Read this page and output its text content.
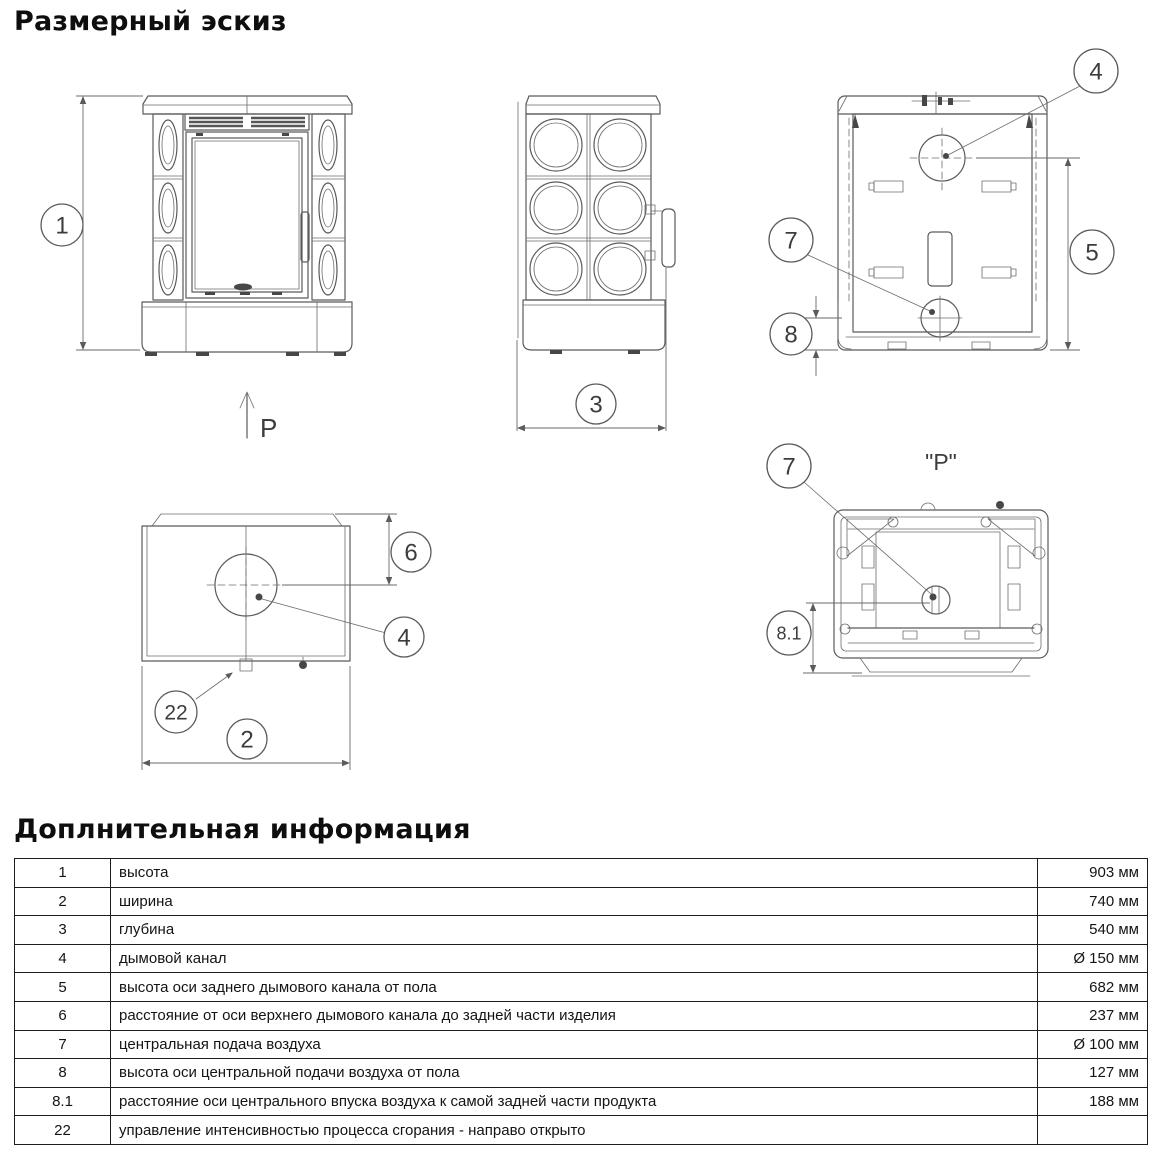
Размерный эскиз
P
1
3
4
7	5
8
4
6
22
2
"P"
7
8.1
Доплнительная информация
1	высота	903 мм
2	ширина	740 мм
3	глубина	540 мм
4	дымовой канал	Ø 150 мм
5	высота оси заднего дымового канала от пола	682 мм
6	расстояние от оси верхнего дымового канала до задней части изделия	237 мм
7	центральная подача воздуха	Ø 100 мм
8	высота оси центральной подачи воздуха от пола	127 мм
8.1	расстояние оси центрального впуска воздуха к самой задней части продукта	188 мм
22	управление интенсивностью процесса сгорания - направо открыто	
